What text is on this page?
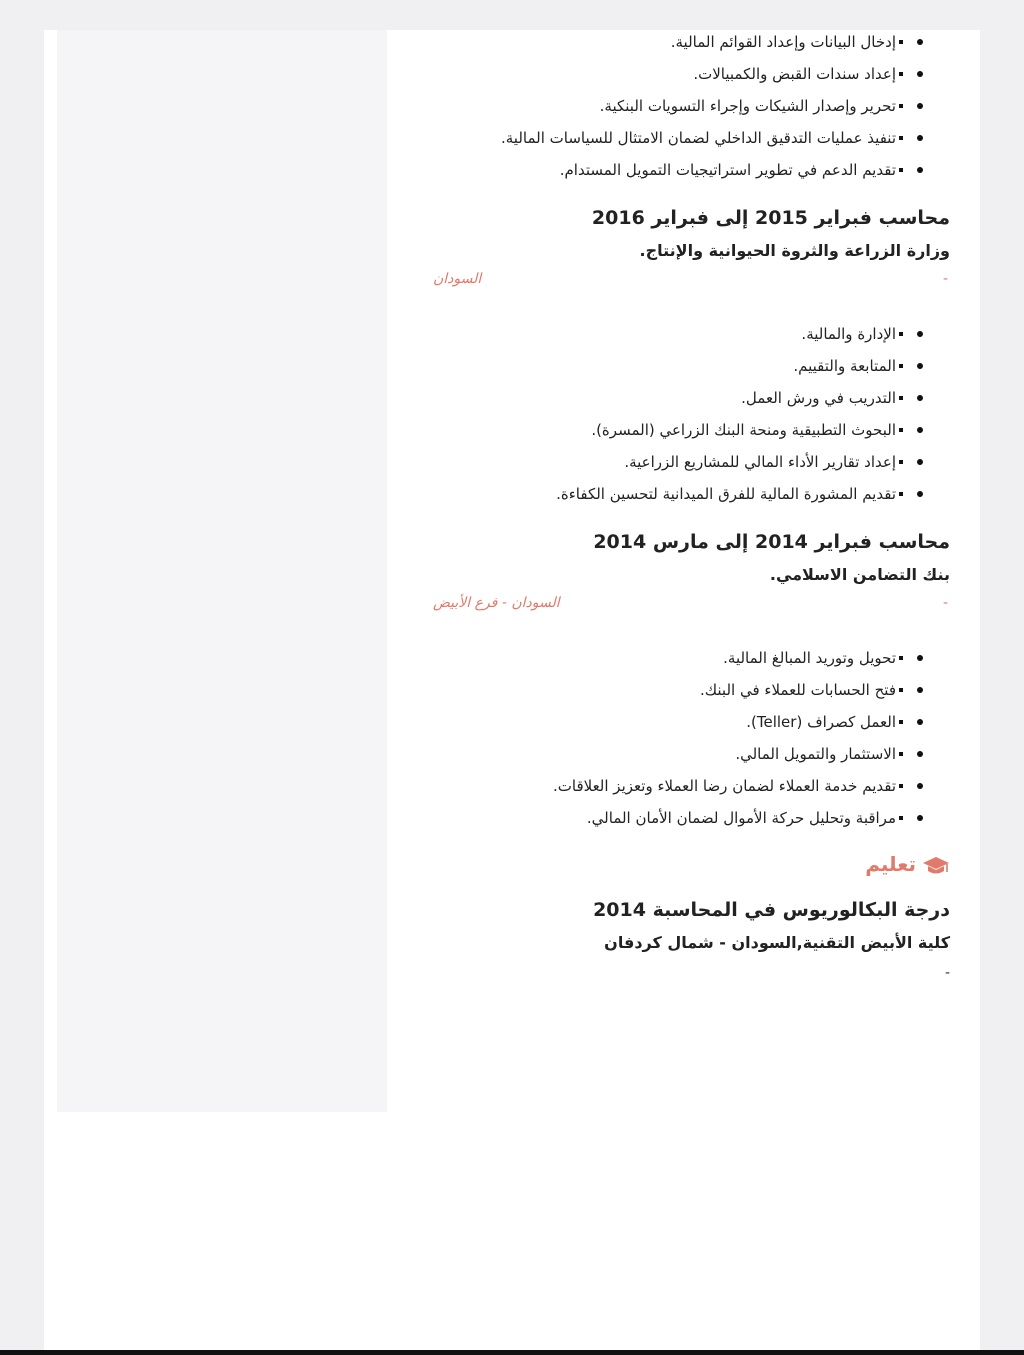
إدخال البيانات وإعداد القوائم المالية.
إعداد سندات القبض والكمبيالات.
تحرير وإصدار الشيكات وإجراء التسويات البنكية.
تنفيذ عمليات التدقيق الداخلي لضمان الامتثال للسياسات المالية.
تقديم الدعم في تطوير استراتيجيات التمويل المستدام.
محاسب فبراير 2015 إلى فبراير 2016
وزارة الزراعة والثروة الحيوانية والإنتاج.
-
السودان
الإدارة والمالية.
المتابعة والتقييم.
التدريب في ورش العمل.
البحوث التطبيقية ومنحة البنك الزراعي (المسرة).
إعداد تقارير الأداء المالي للمشاريع الزراعية.
تقديم المشورة المالية للفرق الميدانية لتحسين الكفاءة.
محاسب فبراير 2014 إلى مارس 2014
بنك التضامن الاسلامي.
-
السودان - فرع الأبيض
تحويل وتوريد المبالغ المالية.
فتح الحسابات للعملاء في البنك.
العمل كصراف (Teller).
الاستثمار والتمويل المالي.
تقديم خدمة العملاء لضمان رضا العملاء وتعزيز العلاقات.
مراقبة وتحليل حركة الأموال لضمان الأمان المالي.
تعليم
درجة البكالوريوس في المحاسبة 2014
كلية الأبيض التقنية,السودان - شمال كردفان
-
